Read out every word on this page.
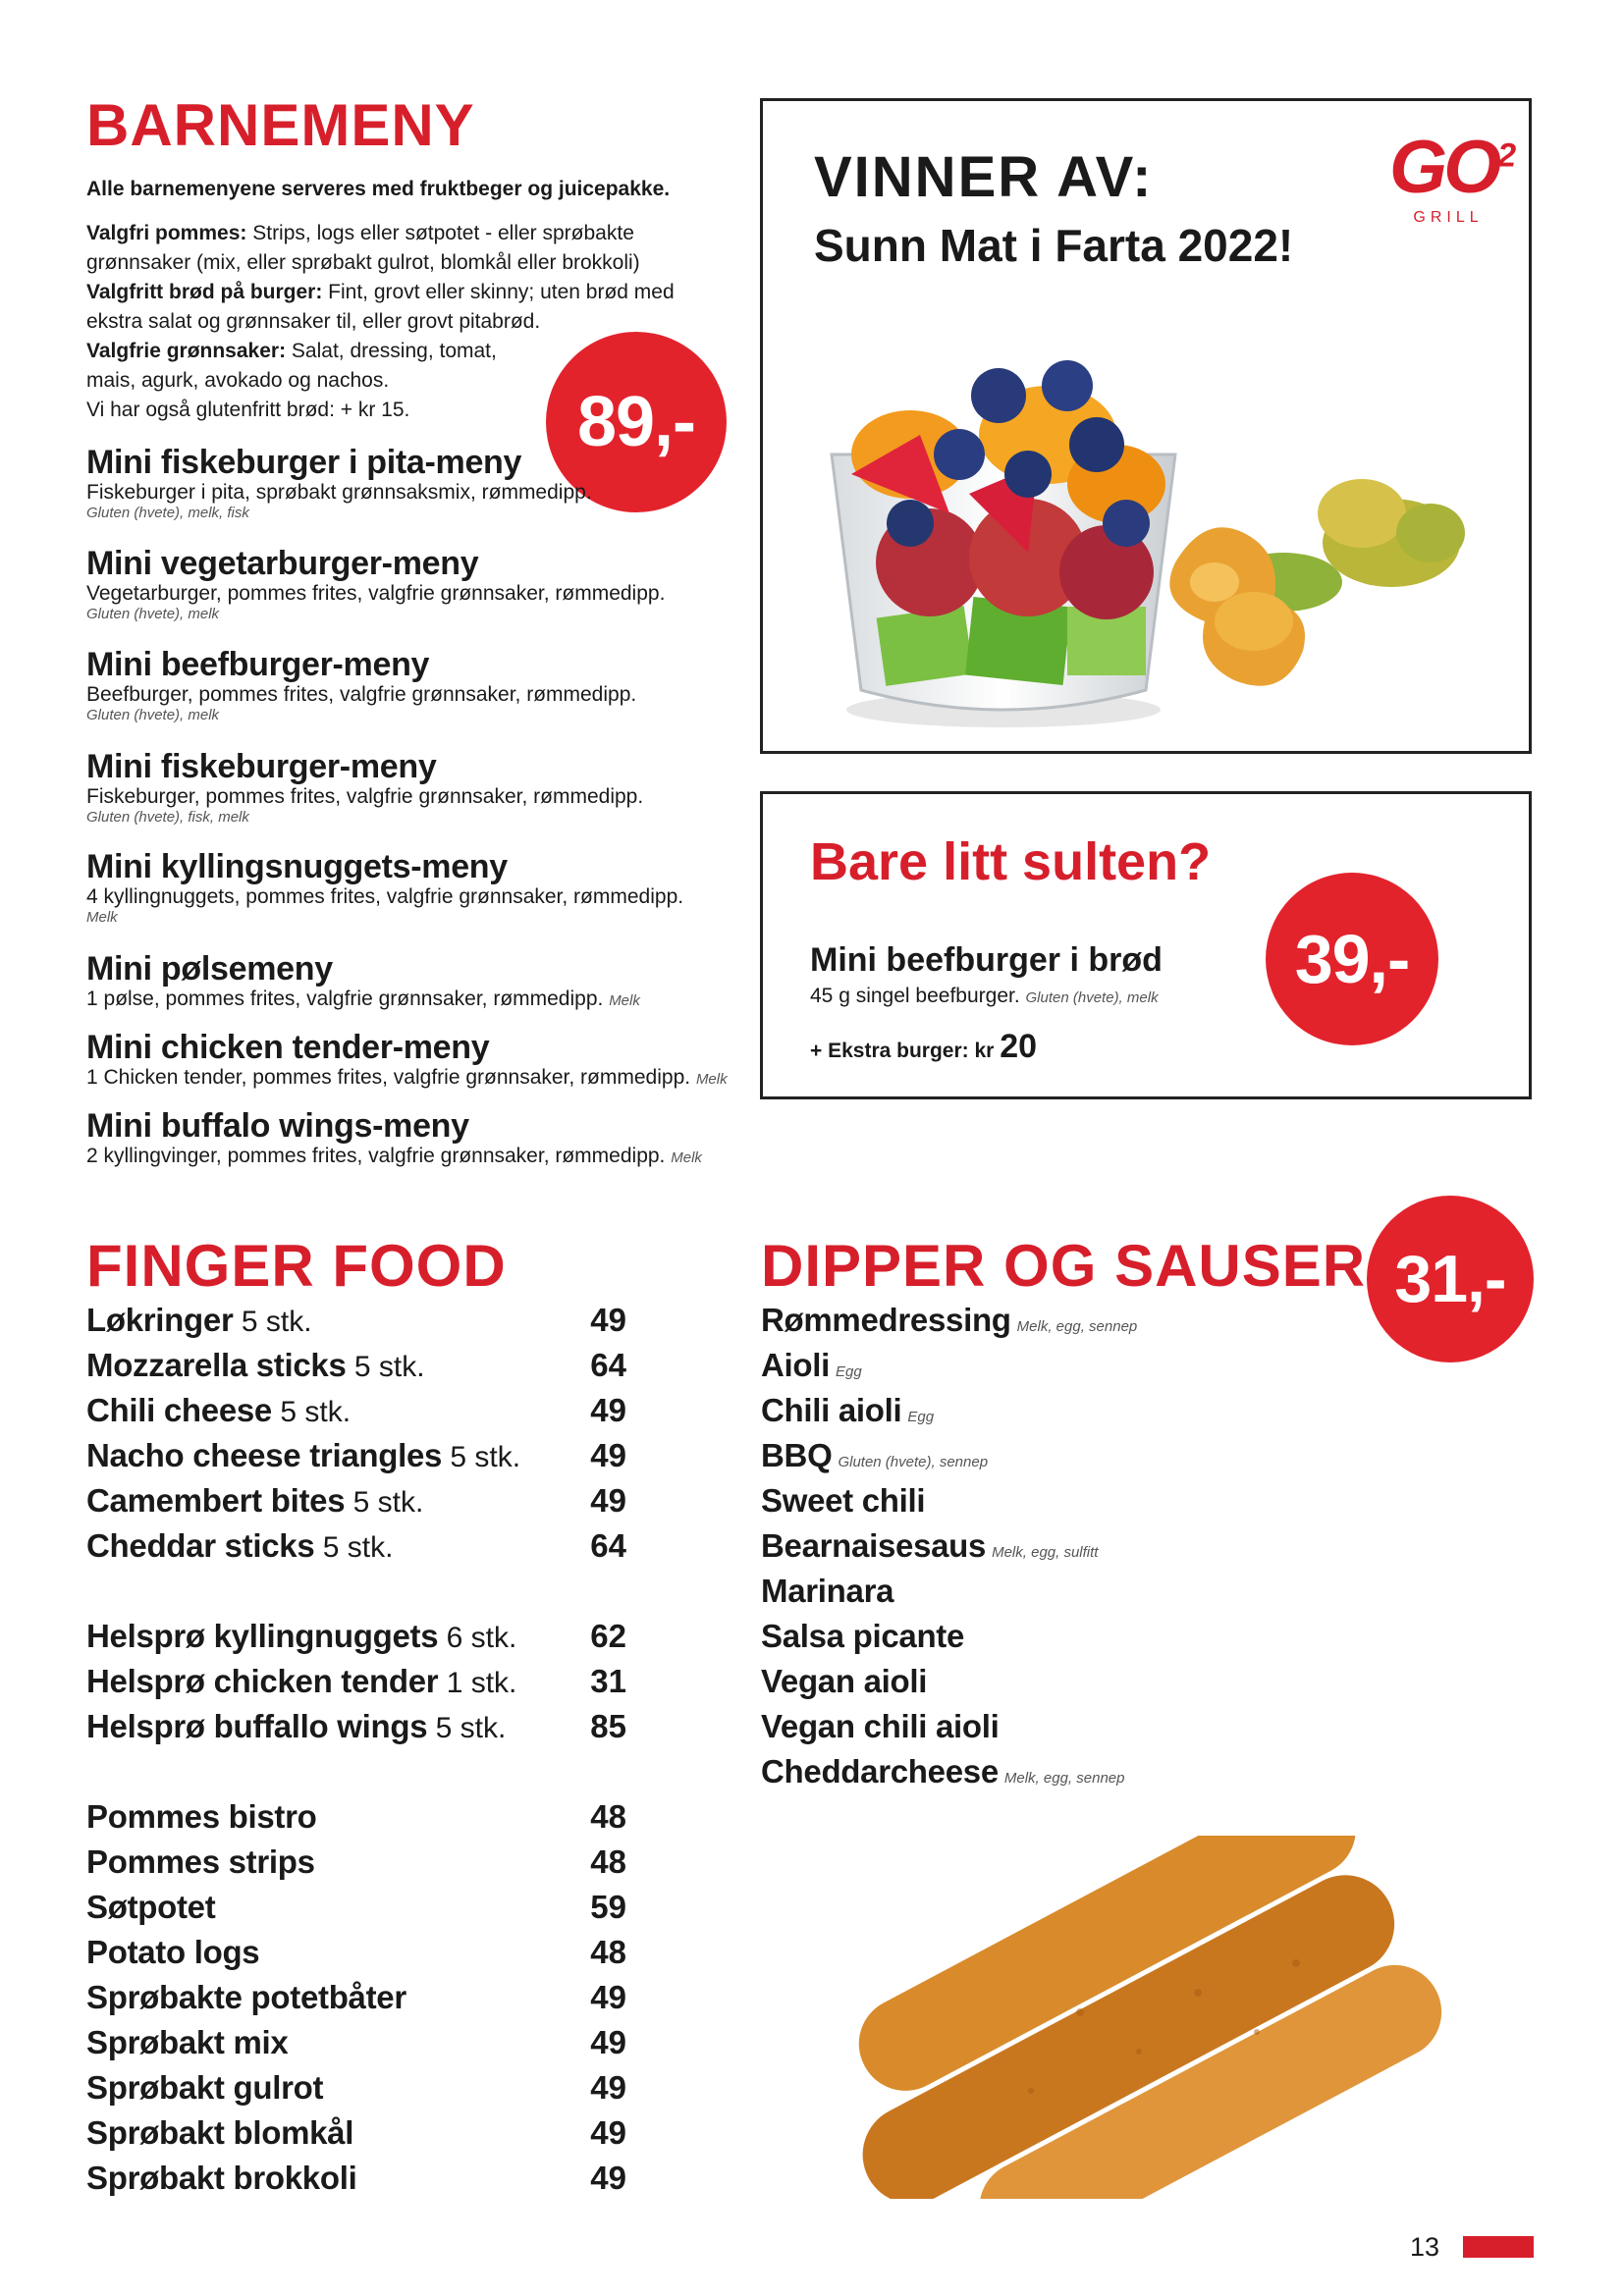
BARNEMENY
Alle barnemenyene serveres med fruktbeger og juicepakke.
Valgfri pommes: Strips, logs eller søtpotet - eller sprøbakte grønnsaker (mix, eller sprøbakt gulrot, blomkål eller brokkoli)
Valgfritt brød på burger: Fint, grovt eller skinny; uten brød med ekstra salat og grønnsaker til, eller grovt pitabrød.
Valgfrie grønnsaker: Salat, dressing, tomat, mais, agurk, avokado og nachos.
Vi har også glutenfritt brød: + kr 15.	89,-
Mini fiskeburger i pita-meny
Fiskeburger i pita, sprøbakt grønnsaksmix, rømmedipp.
Gluten (hvete), melk, fisk
Mini vegetarburger-meny
Vegetarburger, pommes frites, valgfrie grønnsaker, rømmedipp.
Gluten (hvete), melk
Mini beefburger-meny
Beefburger, pommes frites, valgfrie grønnsaker, rømmedipp.
Gluten (hvete), melk
Mini fiskeburger-meny
Fiskeburger, pommes frites, valgfrie grønnsaker, rømmedipp.
Gluten (hvete), fisk, melk
Mini kyllingsnuggets-meny
4 kyllingnuggets, pommes frites, valgfrie grønnsaker, rømmedipp.
Melk
Mini pølsemeny
1 pølse, pommes frites, valgfrie grønnsaker, rømmedipp. Melk
Mini chicken tender-meny
1 Chicken tender, pommes frites, valgfrie grønnsaker, rømmedipp. Melk
Mini buffalo wings-meny
2 kyllingvinger, pommes frites, valgfrie grønnsaker, rømmedipp. Melk
VINNER AV:
Sunn Mat i Farta 2022!
$GO^2$
GRILL
Bare litt sulten?
Mini beefburger i brød
45 g singel beefburger. Gluten (hvete), melk
+ Ekstra burger: kr 20
39,-
FINGER FOOD
Løkringer 5 stk.	49
Mozzarella sticks 5 stk.	64
Chili cheese 5 stk.	49
Nacho cheese triangles 5 stk. 49
Camembert bites 5 stk.	49
Cheddar sticks 5 stk.	64
Helsprø kyllingnuggets 6 stk. 62
Helsprø chicken tender 1 stk. 31
Helsprø buffallo wings 5 stk.	85
Pommes bistro	48
Pommes strips	48
Søtpotet	59
Potato logs	48
Sprøbakte potetbåter	49
Sprøbakt mix	49
Sprøbakt gulrot	49
Sprøbakt blomkål	49
Sprøbakt brokkoli	49
DIPPER OG SAUSER 31,-
Rømmedressing Melk, egg, sennep
Aioli Egg
Chili aioli Egg
BBQ Gluten (hvete), sennep
Sweet chili
Bearnaisesaus Melk, egg, sulfitt
Marinara
Salsa picante
Vegan aioli
Vegan chili aioli
Cheddarcheese Melk, egg, sennep
13
